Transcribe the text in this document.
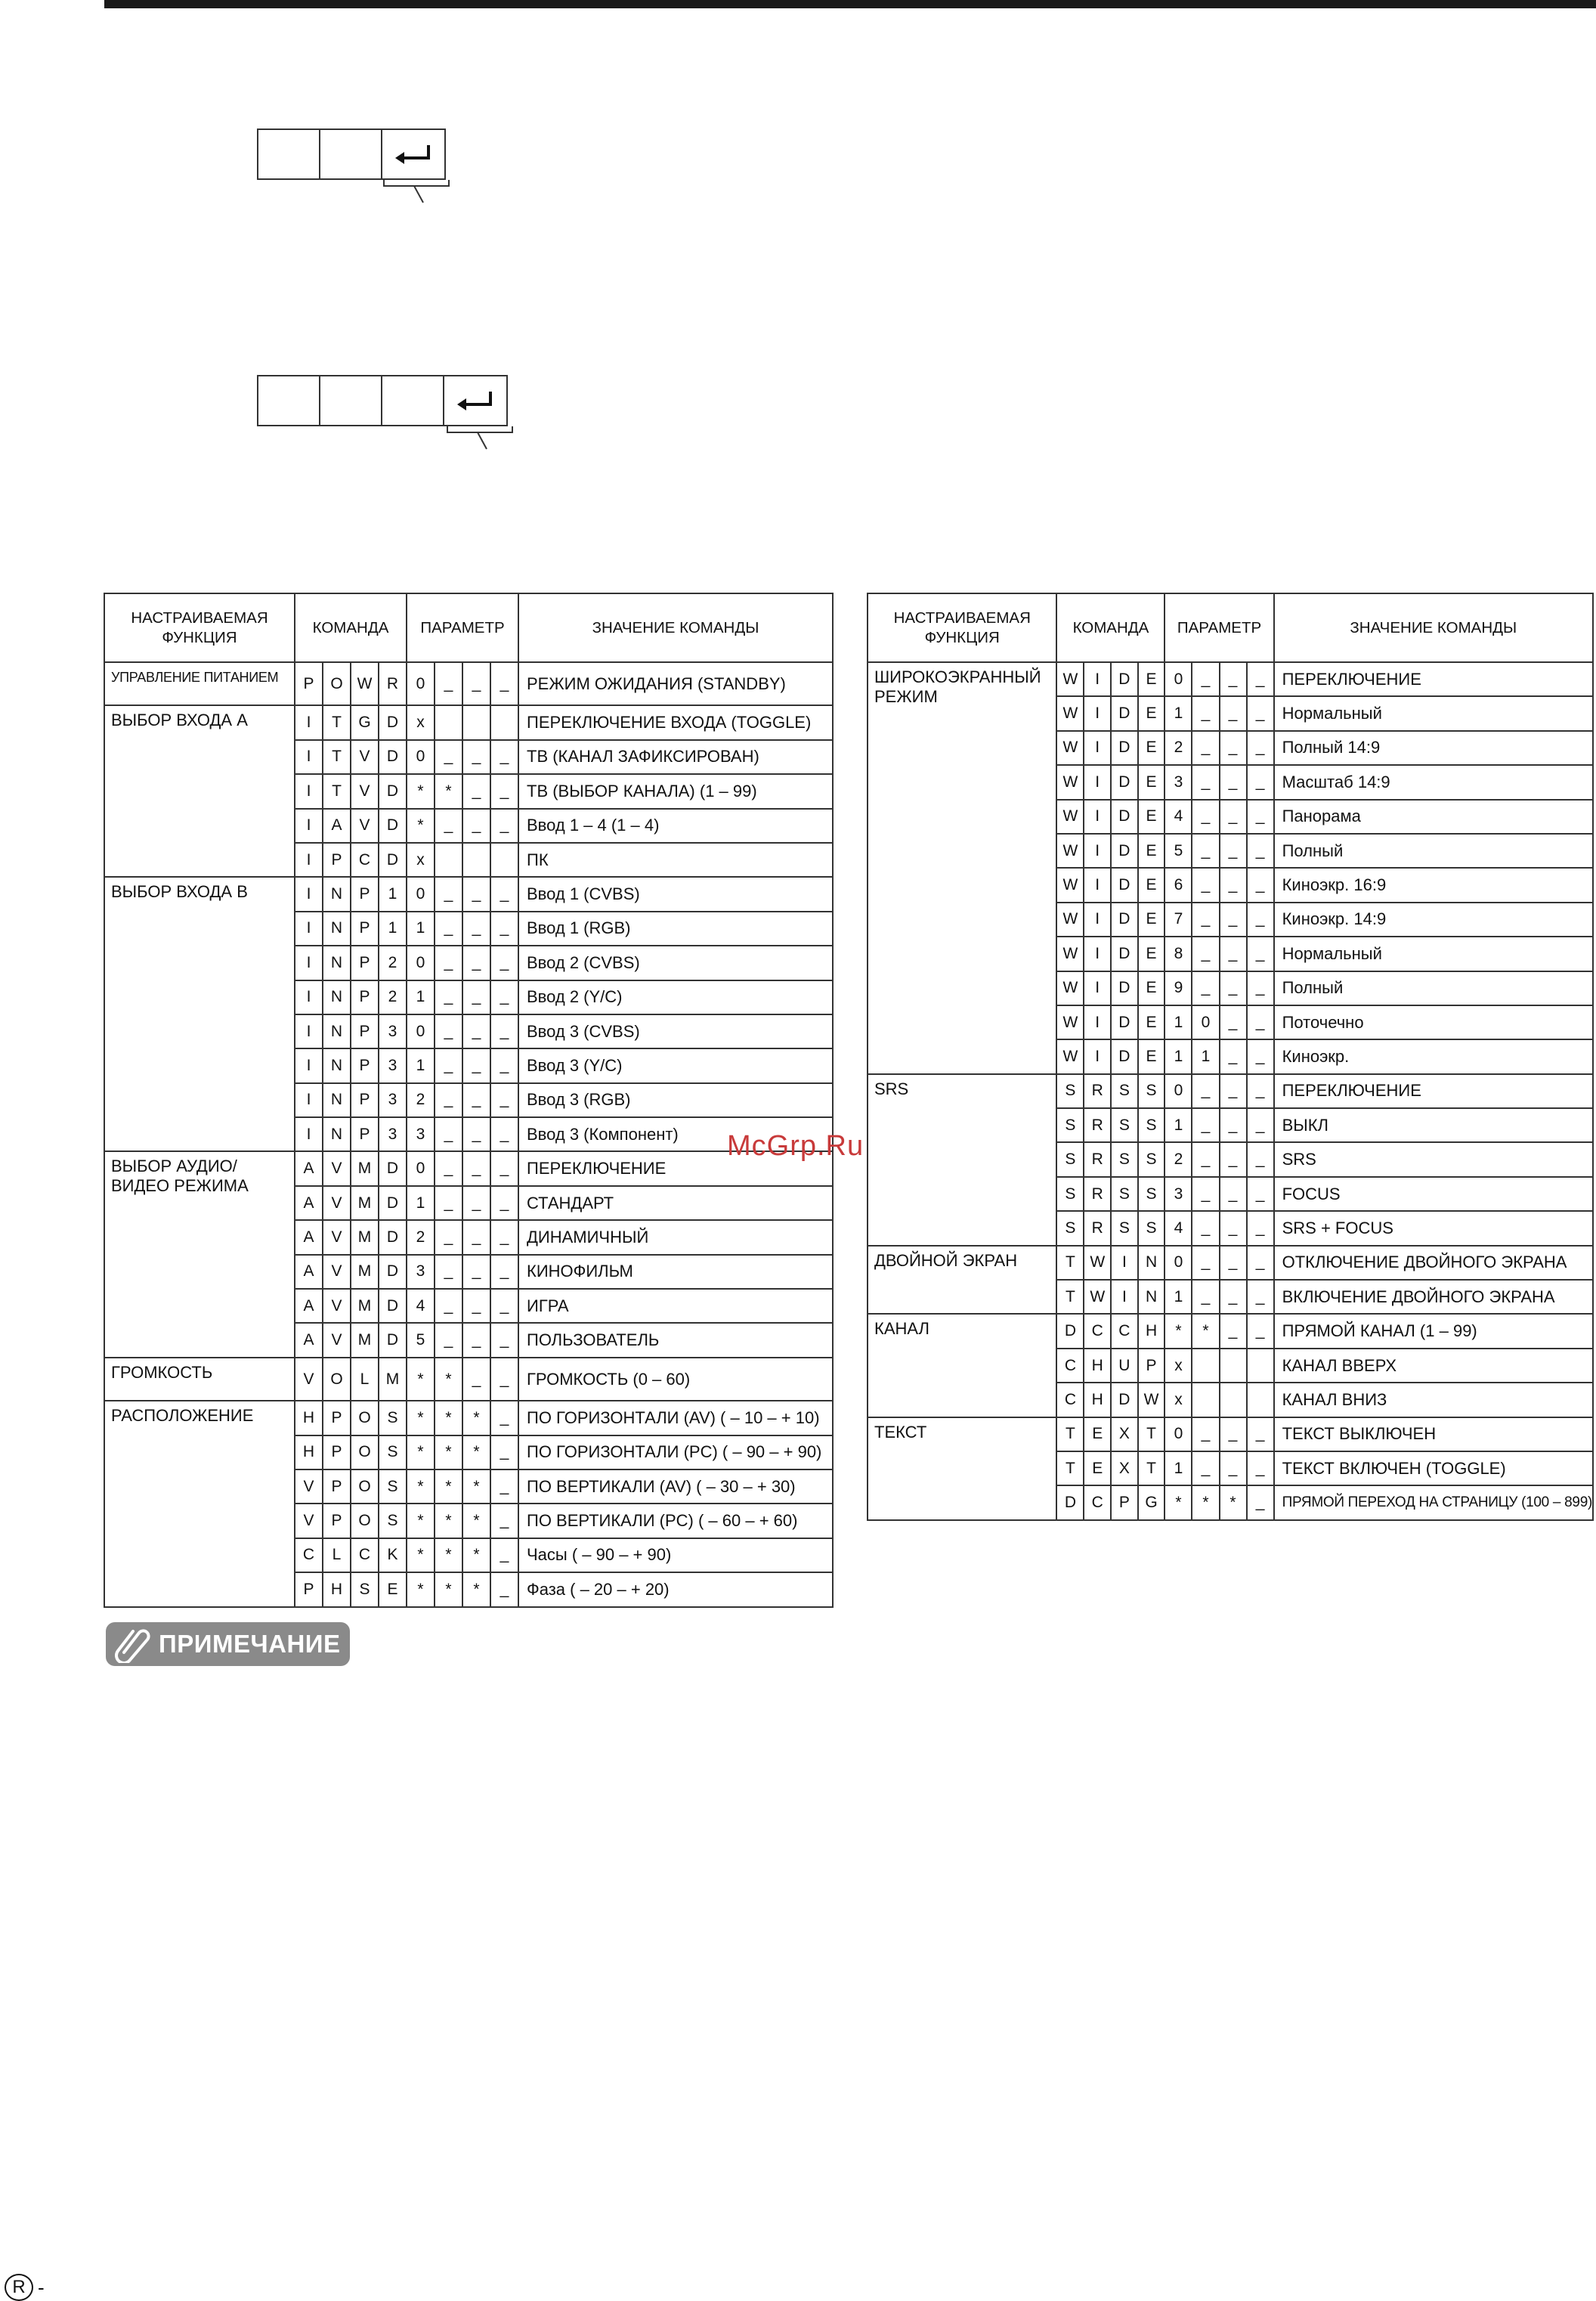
НАСТРАИВАЕМАЯ ФУНКЦИЯ	КОМАНДА				ПАРАМЕТР				ЗНАЧЕНИЕ КОМАНДЫ
УПРАВЛЕНИЕ ПИТАНИЕМ	P	O	W	R	0	_	_	_	РЕЖИМ ОЖИДАНИЯ (STANDBY)
ВЫБОР ВХОДА A	I	T	G	D	x				ПЕРЕКЛЮЧЕНИЕ ВХОДА (TOGGLE)
	I	T	V	D	0	_	_	_	ТВ (КАНАЛ ЗАФИКСИРОВАН)
	I	T	V	D	*	*	_	_	ТВ (ВЫБОР КАНАЛА) (1 – 99)
	I	A	V	D	*	_	_	_	Ввод 1 – 4 (1 – 4)
	I	P	C	D	x				ПК
ВЫБОР ВХОДА B	I	N	P	1	0	_	_	_	Ввод 1 (CVBS)
	I	N	P	1	1	_	_	_	Ввод 1 (RGB)
	I	N	P	2	0	_	_	_	Ввод 2 (CVBS)
	I	N	P	2	1	_	_	_	Ввод 2 (Y/C)
	I	N	P	3	0	_	_	_	Ввод 3 (CVBS)
	I	N	P	3	1	_	_	_	Ввод 3 (Y/C)
	I	N	P	3	2	_	_	_	Ввод 3 (RGB)
	I	N	P	3	3	_	_	_	Ввод 3 (Компонент)
ВЫБОР АУДИО/ ВИДЕО РЕЖИМА	A	V	M	D	0	_	_	_	ПЕРЕКЛЮЧЕНИЕ
	A	V	M	D	1	_	_	_	СТАНДАРТ
	A	V	M	D	2	_	_	_	ДИНАМИЧНЫЙ
	A	V	M	D	3	_	_	_	КИНОФИЛЬМ
	A	V	M	D	4	_	_	_	ИГРА
	A	V	M	D	5	_	_	_	ПОЛЬЗОВАТЕЛЬ
ГРОМКОСТЬ	V	O	L	M	*	*	_	_	ГРОМКОСТЬ (0 – 60)
РАСПОЛОЖЕНИЕ	H	P	O	S	*	*	*	_	ПО ГОРИЗОНТАЛИ (AV) ( – 10 – + 10)
	H	P	O	S	*	*	*	_	ПО ГОРИЗОНТАЛИ (PC) ( – 90 – + 90)
	V	P	O	S	*	*	*	_	ПО ВЕРТИКАЛИ (AV) ( – 30 – + 30)
	V	P	O	S	*	*	*	_	ПО ВЕРТИКАЛИ (PC) ( – 60 – + 60)
	C	L	C	K	*	*	*	_	Часы ( – 90 – + 90)
	P	H	S	E	*	*	*	_	Фаза ( – 20 – + 20)
НАСТРАИВАЕМАЯ ФУНКЦИЯ	КОМАНДА				ПАРАМЕТР				ЗНАЧЕНИЕ КОМАНДЫ
ШИРОКОЭКРАННЫЙ РЕЖИМ	W	I	D	E	0	_	_	_	ПЕРЕКЛЮЧЕНИЕ
	W	I	D	E	1	_	_	_	Нормальный
	W	I	D	E	2	_	_	_	Полный 14:9
	W	I	D	E	3	_	_	_	Масштаб 14:9
	W	I	D	E	4	_	_	_	Панорама
	W	I	D	E	5	_	_	_	Полный
	W	I	D	E	6	_	_	_	Киноэкр. 16:9
	W	I	D	E	7	_	_	_	Киноэкр. 14:9
	W	I	D	E	8	_	_	_	Нормальный
	W	I	D	E	9	_	_	_	Полный
	W	I	D	E	1	0	_	_	Поточечно
	W	I	D	E	1	1	_	_	Киноэкр.
SRS	S	R	S	S	0	_	_	_	ПЕРЕКЛЮЧЕНИЕ
	S	R	S	S	1	_	_	_	ВЫКЛ
	S	R	S	S	2	_	_	_	SRS
	S	R	S	S	3	_	_	_	FOCUS
	S	R	S	S	4	_	_	_	SRS + FOCUS
ДВОЙНОЙ ЭКРАН	T	W	I	N	0	_	_	_	ОТКЛЮЧЕНИЕ ДВОЙНОГО ЭКРАНА
	T	W	I	N	1	_	_	_	ВКЛЮЧЕНИЕ ДВОЙНОГО ЭКРАНА
КАНАЛ	D	C	C	H	*	*	_	_	ПРЯМОЙ КАНАЛ (1 – 99)
	C	H	U	P	x				КАНАЛ ВВЕРХ
	C	H	D	W	x				КАНАЛ ВНИЗ
ТЕКСТ	T	E	X	T	0	_	_	_	ТЕКСТ ВЫКЛЮЧЕН
	T	E	X	T	1	_	_	_	ТЕКСТ ВКЛЮЧЕН (TOGGLE)
	D	C	P	G	*	*	*	_	ПРЯМОЙ ПЕРЕХОД НА СТРАНИЦУ (100 – 899)
McGrp.Ru
ПРИМЕЧАНИЕ
R -
